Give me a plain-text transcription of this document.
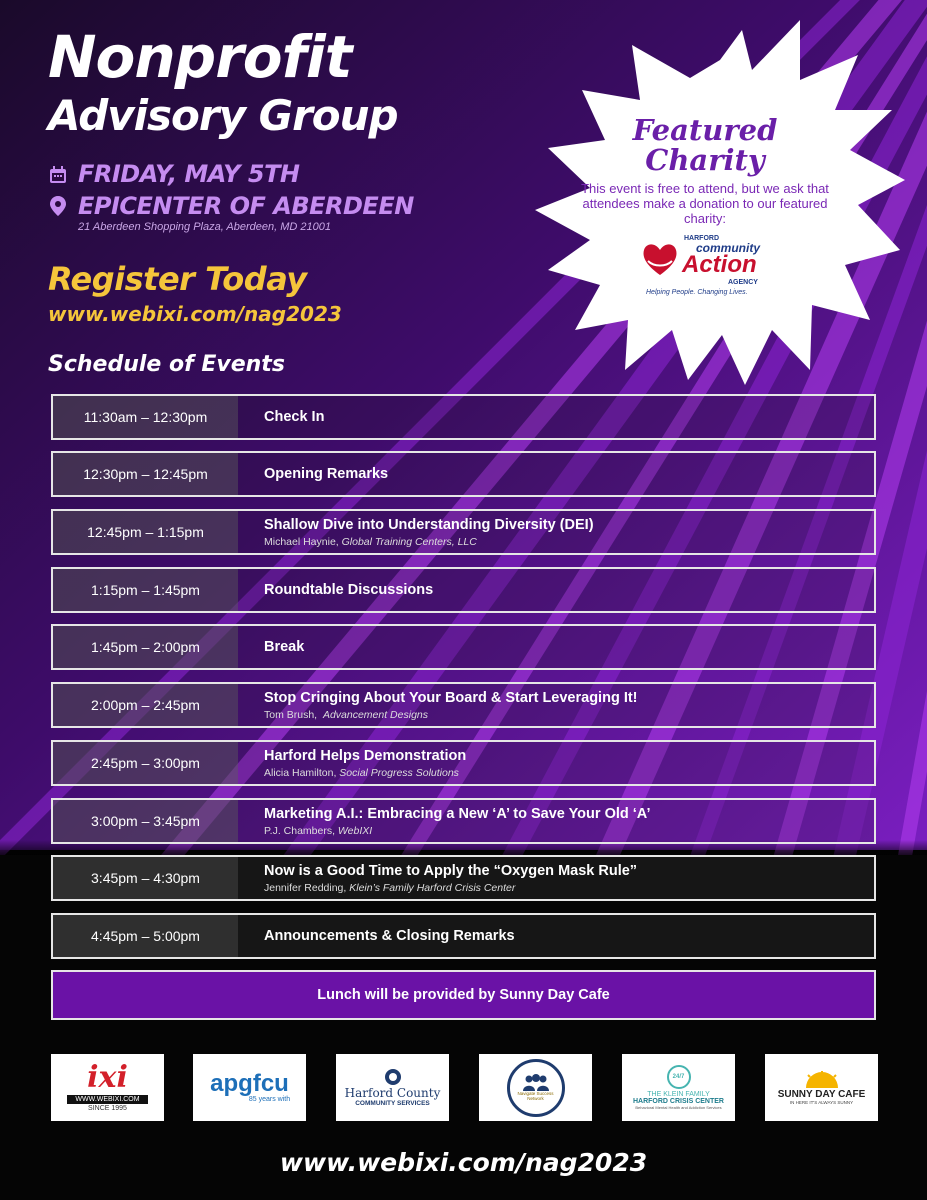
Nonprofit
Advisory Group
FRIDAY, MAY 5TH
EPICENTER OF ABERDEEN
21 Aberdeen Shopping Plaza, Aberdeen, MD 21001
Register Today
www.webixi.com/nag2023
Featured
Charity
This event is free to attend, but we ask that attendees make a donation to our featured charity:
HARFORD
community
Action
AGENCY
Helping People. Changing Lives.
Schedule of Events
11:30am – 12:30pm	Check In
12:30pm – 12:45pm	Opening Remarks
12:45pm – 1:15pm	Shallow Dive into Understanding Diversity (DEI)
Michael Haynie, Global Training Centers, LLC
1:15pm – 1:45pm	Roundtable Discussions
1:45pm – 2:00pm	Break
2:00pm – 2:45pm	Stop Cringing About Your Board & Start Leveraging It!
Tom Brush,  Advancement Designs
2:45pm – 3:00pm	Harford Helps Demonstration
Alicia Hamilton, Social Progress Solutions
3:00pm – 3:45pm	Marketing A.I.: Embracing a New ‘A’ to Save Your Old ‘A’
P.J. Chambers, WebIXI
3:45pm – 4:30pm	Now is a Good Time to Apply the “Oxygen Mask Rule”
Jennifer Redding, Klein’s Family Harford Crisis Center
4:45pm – 5:00pm	Announcements & Closing Remarks
Lunch will be provided by Sunny Day Cafe
ixi
WWW.WEBIXI.COM
SINCE 1995
apgfcu
85 years with	Harford County
COMMUNITY SERVICES
Navigate Success Network
24/7
THE KLEIN FAMILY
HARFORD CRISIS CENTER
Behavioral Mental Health and Addiction Services
SUNNY DAY CAFE
IN HERE IT'S ALWAYS SUNNY
www.webixi.com/nag2023
